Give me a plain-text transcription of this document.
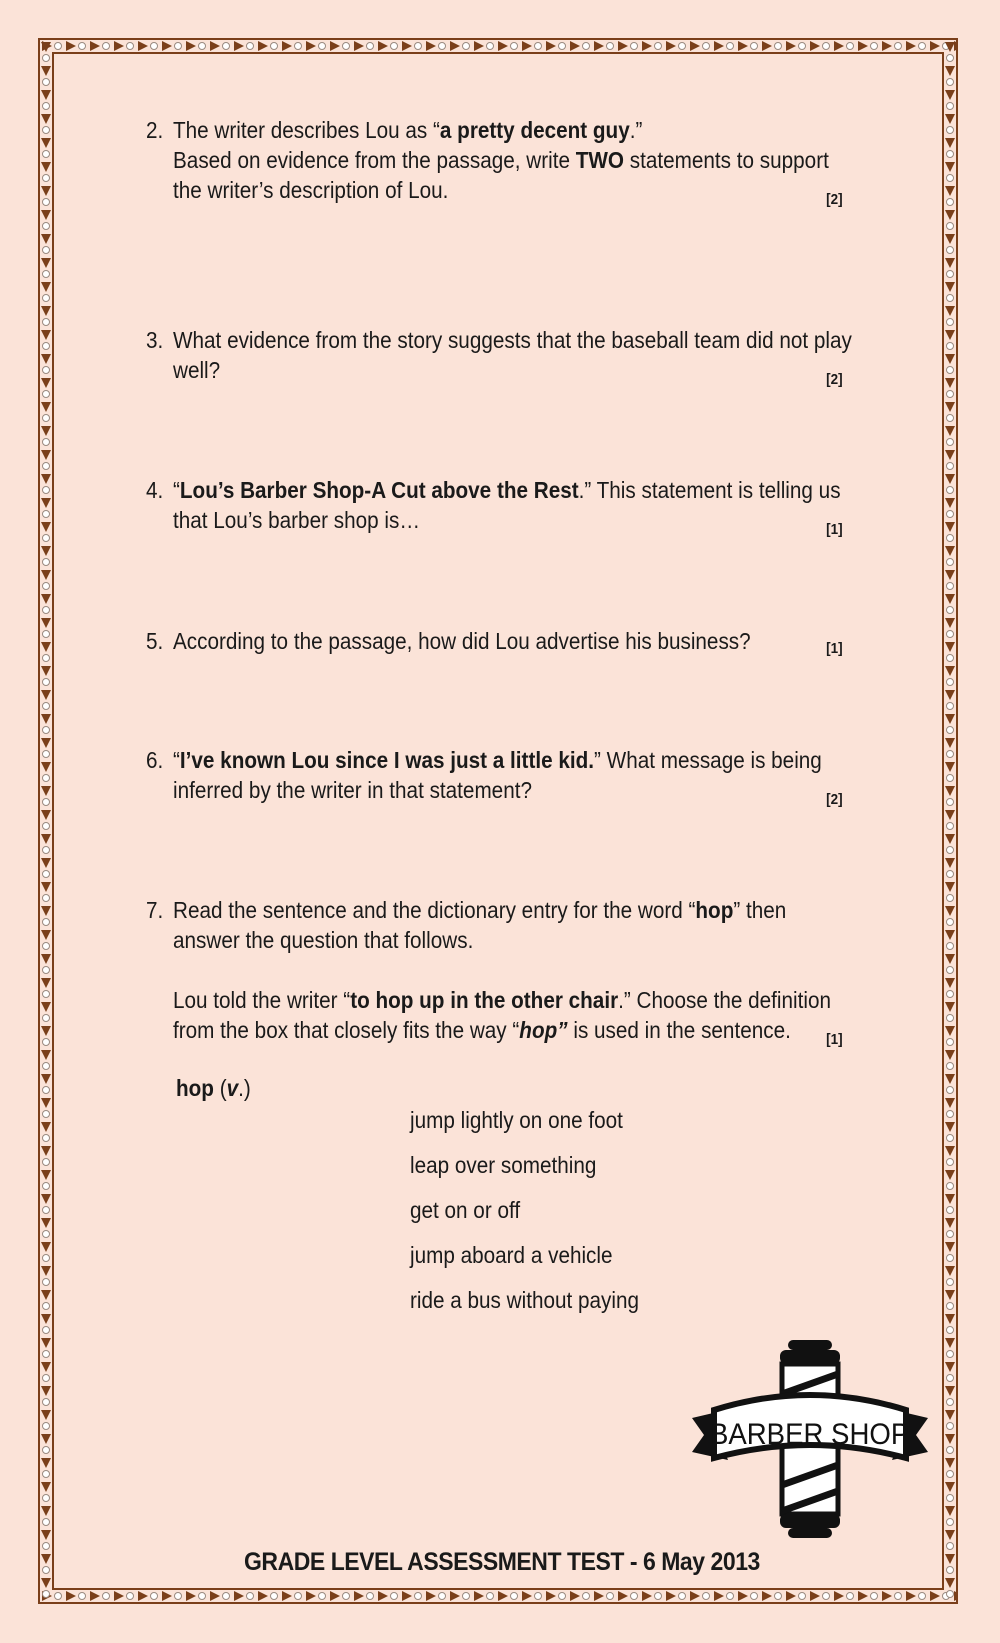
2. The writer describes Lou as “a pretty decent guy.”
Based on evidence from the passage, write TWO statements to support
the writer’s description of Lou.	[2]
3. What evidence from the story suggests that the baseball team did not play
well?	[2]
4. “Lou’s Barber Shop-A Cut above the Rest.” This statement is telling us
that Lou’s barber shop is…	[1]
5. According to the passage, how did Lou advertise his business?	[1]
6. “I’ve known Lou since I was just a little kid.” What message is being
inferred by the writer in that statement?	[2]
7. Read the sentence and the dictionary entry for the word “hop” then
answer the question that follows.
Lou told the writer “to hop up in the other chair.” Choose the definition
from the box that closely fits the way “hop” is used in the sentence.	[1]
hop (v.)
jump lightly on one foot
leap over something
get on or off
jump aboard a vehicle
ride a bus without paying
BARBER SHOP
GRADE LEVEL ASSESSMENT TEST - 6 May 2013
